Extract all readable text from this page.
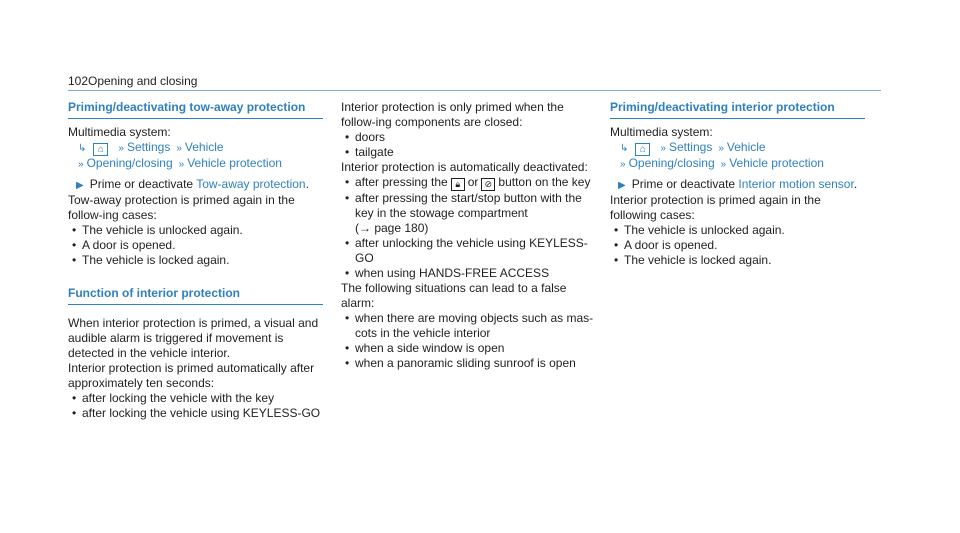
102 Opening and closing
Priming/deactivating tow-away protection

Multimedia system:

↳ ⌂ » Settings » Vehicle
» Opening/closing » Vehicle protection
▶ Prime or deactivate Tow-away protection.

Tow-away protection is primed again in the follow-ing cases:

• The vehicle is unlocked again.
• A door is opened.
• The vehicle is locked again.
Function of interior protection

When interior protection is primed, a visual and audible alarm is triggered if movement is detected in the vehicle interior.

Interior protection is primed automatically after approximately ten seconds:

• after locking the vehicle with the key
• after locking the vehicle using KEYLESS-GO

Interior protection is only primed when the follow-ing components are closed:

• doors
• tailgate

Interior protection is automatically deactivated:

• after pressing the 🔒︎ or ⊘ button on the key
• after pressing the start/stop button with the key in the stowage compartment
(→ page 180)
• after unlocking the vehicle using KEYLESS-GO
• when using HANDS-FREE ACCESS

The following situations can lead to a false alarm:

• when there are moving objects such as mas-cots in the vehicle interior
• when a side window is open
• when a panoramic sliding sunroof is open
Priming/deactivating interior protection

Multimedia system:

↳ ⌂ » Settings » Vehicle
» Opening/closing » Vehicle protection
▶ Prime or deactivate Interior motion sensor.

Interior protection is primed again in the following cases:

• The vehicle is unlocked again.
• A door is opened.
• The vehicle is locked again.
